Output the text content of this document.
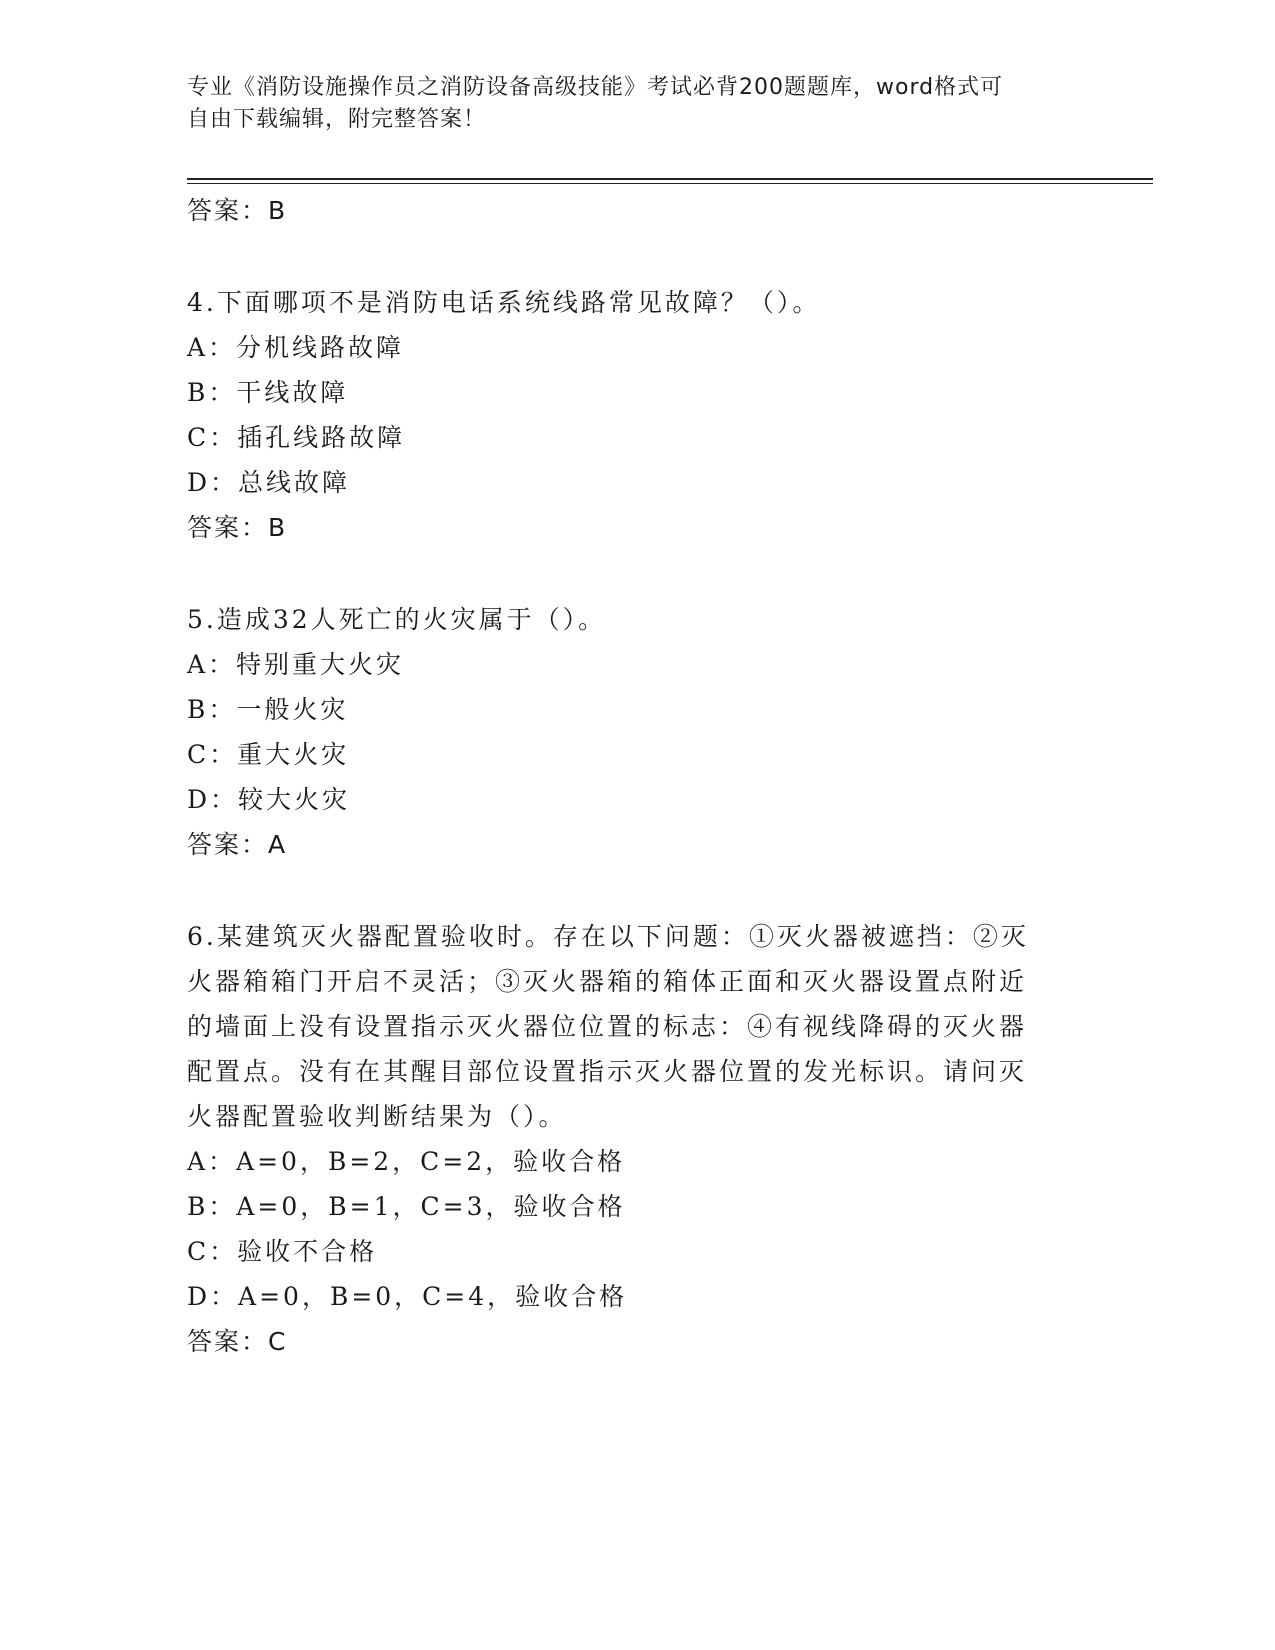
专业《消防设施操作员之消防设备高级技能》考试必背200题题库，word格式可
自由下载编辑，附完整答案！
答案：B
4.下面哪项不是消防电话系统线路常见故障？（）。
A：分机线路故障
B：干线故障
C：插孔线路故障
D：总线故障
答案：B
5.造成32人死亡的火灾属于（）。
A：特别重大火灾
B：一般火灾
C：重大火灾
D：较大火灾
答案：A
6.某建筑灭火器配置验收时。存在以下问题：①灭火器被遮挡：②灭
火器箱箱门开启不灵活；③灭火器箱的箱体正面和灭火器设置点附近
的墙面上没有设置指示灭火器位位置的标志：④有视线降碍的灭火器
配置点。没有在其醒目部位设置指示灭火器位置的发光标识。请问灭
火器配置验收判断结果为（）。
A：A=0，B=2，C=2，验收合格
B：A=0，B=1，C=3，验收合格
C：验收不合格
D：A=0，B=0，C=4，验收合格
答案：C
